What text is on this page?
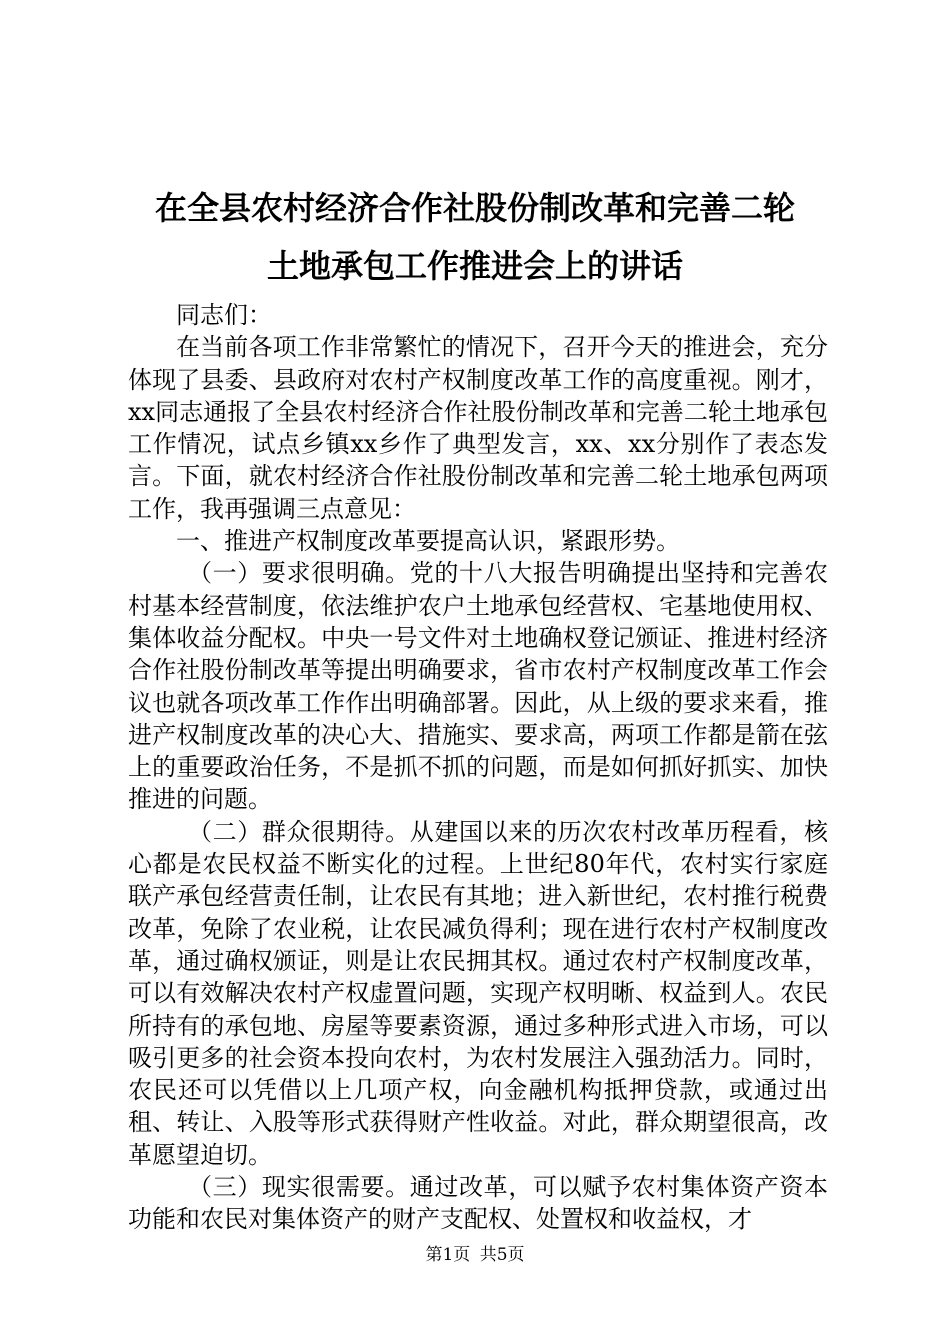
在全县农村经济合作社股份制改革和完善二轮
土地承包工作推进会上的讲话

同志们：

在当前各项工作非常繁忙的情况下，召开今天的推进会，充分体现了县委、县政府对农村产权制度改革工作的高度重视。刚才，xx同志通报了全县农村经济合作社股份制改革和完善二轮土地承包工作情况，试点乡镇xx乡作了典型发言，xx、xx分别作了表态发言。下面，就农村经济合作社股份制改革和完善二轮土地承包两项工作，我再强调三点意见：

一、推进产权制度改革要提高认识，紧跟形势。

（一）要求很明确。党的十八大报告明确提出坚持和完善农村基本经营制度，依法维护农户土地承包经营权、宅基地使用权、集体收益分配权。中央一号文件对土地确权登记颁证、推进村经济合作社股份制改革等提出明确要求，省市农村产权制度改革工作会议也就各项改革工作作出明确部署。因此，从上级的要求来看，推进产权制度改革的决心大、措施实、要求高，两项工作都是箭在弦上的重要政治任务，不是抓不抓的问题，而是如何抓好抓实、加快推进的问题。

（二）群众很期待。从建国以来的历次农村改革历程看，核心都是农民权益不断实化的过程。上世纪80年代，农村实行家庭联产承包经营责任制，让农民有其地；进入新世纪，农村推行税费改革，免除了农业税，让农民减负得利；现在进行农村产权制度改革，通过确权颁证，则是让农民拥其权。通过农村产权制度改革，可以有效解决农村产权虚置问题，实现产权明晰、权益到人。农民所持有的承包地、房屋等要素资源，通过多种形式进入市场，可以吸引更多的社会资本投向农村，为农村发展注入强劲活力。同时，农民还可以凭借以上几项产权，向金融机构抵押贷款，或通过出租、转让、入股等形式获得财产性收益。对此，群众期望很高，改革愿望迫切。

（三）现实很需要。通过改革，可以赋予农村集体资产资本功能和农民对集体资产的财产支配权、处置权和收益权，才

第1页 共5页
